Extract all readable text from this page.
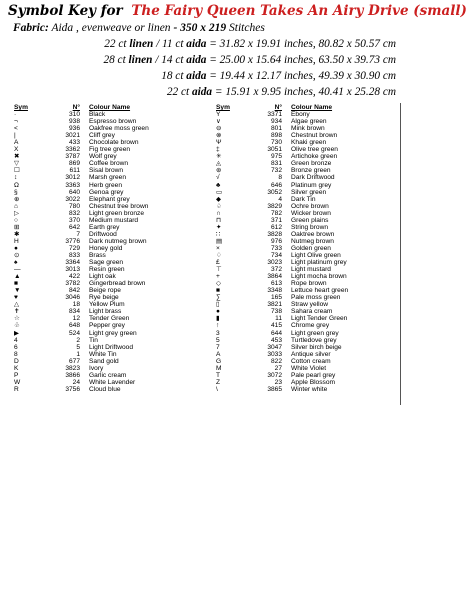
Symbol Key for The Fairy Queen Takes An Airy Drive (small)
Fabric: Aida , evenweave or linen - 350 x 219 Stitches
22 ct linen / 11 ct aida = 31.82 x 19.91 inches, 80.82 x 50.57 cm
28 ct linen / 14 ct aida = 25.00 x 15.64 inches, 63.50 x 39.73 cm
18 ct aida = 19.44 x 12.17 inches, 49.39 x 30.90 cm
22 ct aida = 15.91 x 9.95 inches, 40.41 x 25.28 cm
Sym	N° Colour Name
·	310 Black
¬	938 Espresso brown
<	936 Oakfree moss green
|	3021 Cliff grey
A	433 Chocolate brown
X	3362 Fig tree green
✖	3787 Wolf grey
▽	869 Coffee brown
☐	611 Sisal brown
↕	3012 Marsh green
Ω	3363 Herb green
§	640 Genoa grey
⊕	3022 Elephant grey
⌂	780 Chestnut tree brown
▷	832 Light green bronze
○	370 Medium mustard
⊞	642 Earth grey
✱	7 Driftwood
H	3776 Dark nutmeg brown
●	729 Honey gold
⊙	833 Brass
♠	3364 Sage green
—	3013 Resin green
▲	422 Light oak
■	3782 Gingerbread brown
▼	842 Beige rope
♥	3046 Rye beige
△	18 Yellow Plum
✝	834 Light brass
☆	12 Tender Green
♧	648 Pepper grey
▶	524 Light grey green
4	2 Tin
6	5 Light Driftwood
8	1 White Tin
D	677 Sand gold
K	3823 Ivory
P	3866 Garlic cream
W	24 White Lavender
R	3756 Cloud blue
Sym	N° Colour Name
Y	3371 Ebony
∨	934 Algae green
⊖	801 Mink brown
⊗	898 Chestnut brown
Ψ	730 Khaki green
‡	3051 Olive tree green
✳	975 Artichoke green
◬	831 Green bronze
⊛	732 Bronze green
√	8 Dark Driftwood
♣	646 Platinum grey
▭	3052 Silver green
◆	4 Dark Tin
♤	3829 Ochre brown
∩	782 Wicker brown
⊓	371 Green plains
✦	612 String brown
∷	3828 Oaktree brown
▤	976 Nutmeg brown
×	733 Golden green
♢	734 Light Olive green
£	3023 Light platinum grey
⊤	372 Light mustard
+	3864 Light mocha brown
◇	613 Rope brown
■	3348 Lettuce heart green
∑	165 Pale moss green
▯	3821 Straw yellow
●	738 Sahara cream
▮	11 Light Tender Green
↑	415 Chrome grey
3	644 Light green grey
5	453 Turtledove grey
7	3047 Silver birch beige
A	3033 Antique silver
G	822 Cotton cream
M	27 White Violet
T	3072 Pale pearl grey
Z	23 Apple Blossom
\	3865 Winter white
